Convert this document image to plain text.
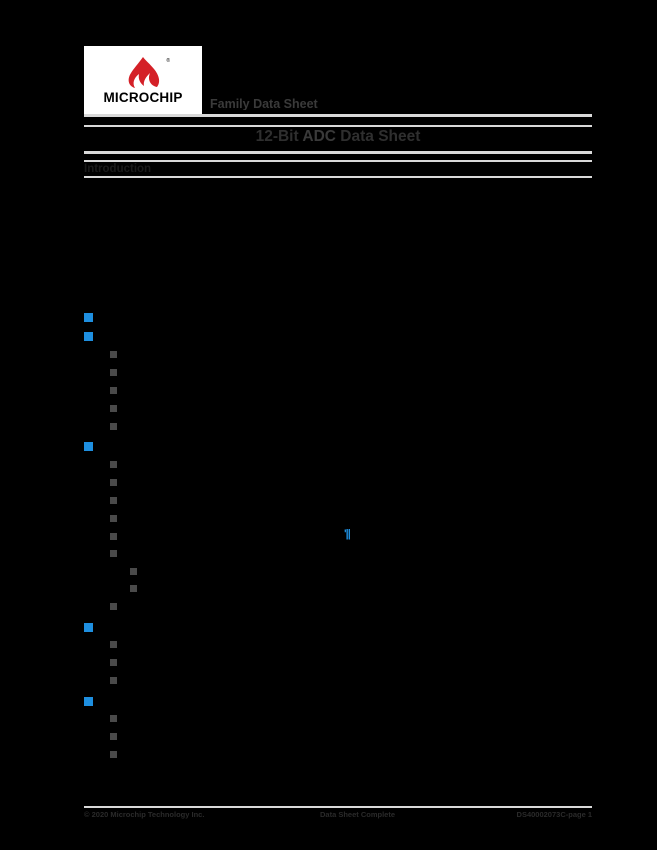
®
MICROCHIP Family Data Sheet
12-Bit ADC Data Sheet
Introduction
'||
© 2020 Microchip Technology Inc.	Data Sheet Complete	DS40002073C-page 1
